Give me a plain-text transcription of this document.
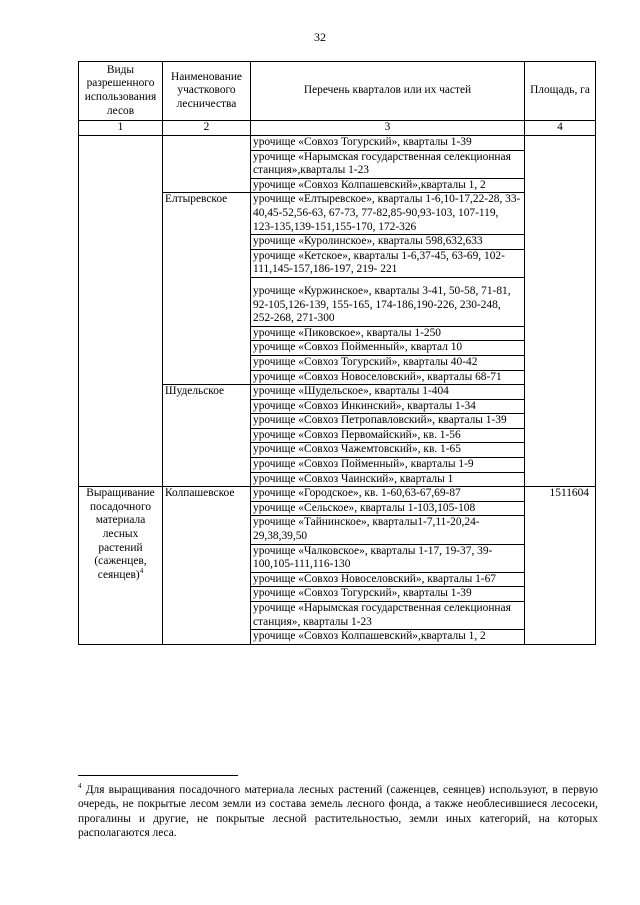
32
Виды разрешенного использования лесов	Наименование участкового лесничества	Перечень кварталов или их частей	Площадь, га
1	2	3	4
		урочище «Совхоз Тогурский», кварталы 1-39	
		урочище «Нарымская государственная селекционная станция»,кварталы 1-23	
		урочище «Совхоз Колпашевский»,кварталы 1, 2	
	Елтыревское	урочище «Елтыревское», кварталы 1-6,10-17,22-28, 33-40,45-52,56-63, 67-73, 77-82,85-90,93-103, 107-119, 123-135,139-151,155-170, 172-326	
		урочище «Куролинское», кварталы 598,632,633	
		урочище «Кетское», кварталы 1-6,37-45, 63-69, 102-111,145-157,186-197, 219- 221	
		урочище «Куржинское», кварталы 3-41, 50-58, 71-81, 92-105,126-139, 155-165, 174-186,190-226, 230-248, 252-268, 271-300	
		урочище «Пиковское», кварталы 1-250	
		урочище «Совхоз Пойменный», квартал 10	
		урочище «Совхоз Тогурский», кварталы 40-42	
		урочище «Совхоз Новоселовский», кварталы 68-71	
	Шудельское	урочище «Шудельское», кварталы 1-404	
		урочище «Совхоз Инкинский», кварталы 1-34	
		урочище «Совхоз Петропавловский», кварталы 1-39	
		урочище «Совхоз Первомайский», кв. 1-56	
		урочище «Совхоз Чажемтовский», кв. 1-65	
		урочище «Совхоз Пойменный», кварталы 1-9	
		урочище «Совхоз Чаинский», кварталы 1	
Выращивание посадочного материала лесных растений (саженцев, сеянцев)$^4$	Колпашевское	урочище «Городское», кв. 1-60,63-67,69-87	1511604
		урочище «Сельское», кварталы 1-103,105-108	
		урочище «Тайнинское», кварталы1-7,11-20,24-29,38,39,50	
		урочище «Чалковское», кварталы 1-17, 19-37, 39-100,105-111,116-130	
		урочище «Совхоз Новоселовский», кварталы 1-67	
		урочище «Совхоз Тогурский», кварталы 1-39	
		урочище «Нарымская государственная селекционная станция», кварталы 1-23	
		урочище «Совхоз Колпашевский»,кварталы 1, 2	
$^4$ Для выращивания посадочного материала лесных растений (саженцев, сеянцев) используют, в первую очередь, не покрытые лесом земли из состава земель лесного фонда, а также необлесившиеся лесосеки, прогалины и другие, не покрытые лесной растительностью, земли иных категорий, на которых располагаются леса.
